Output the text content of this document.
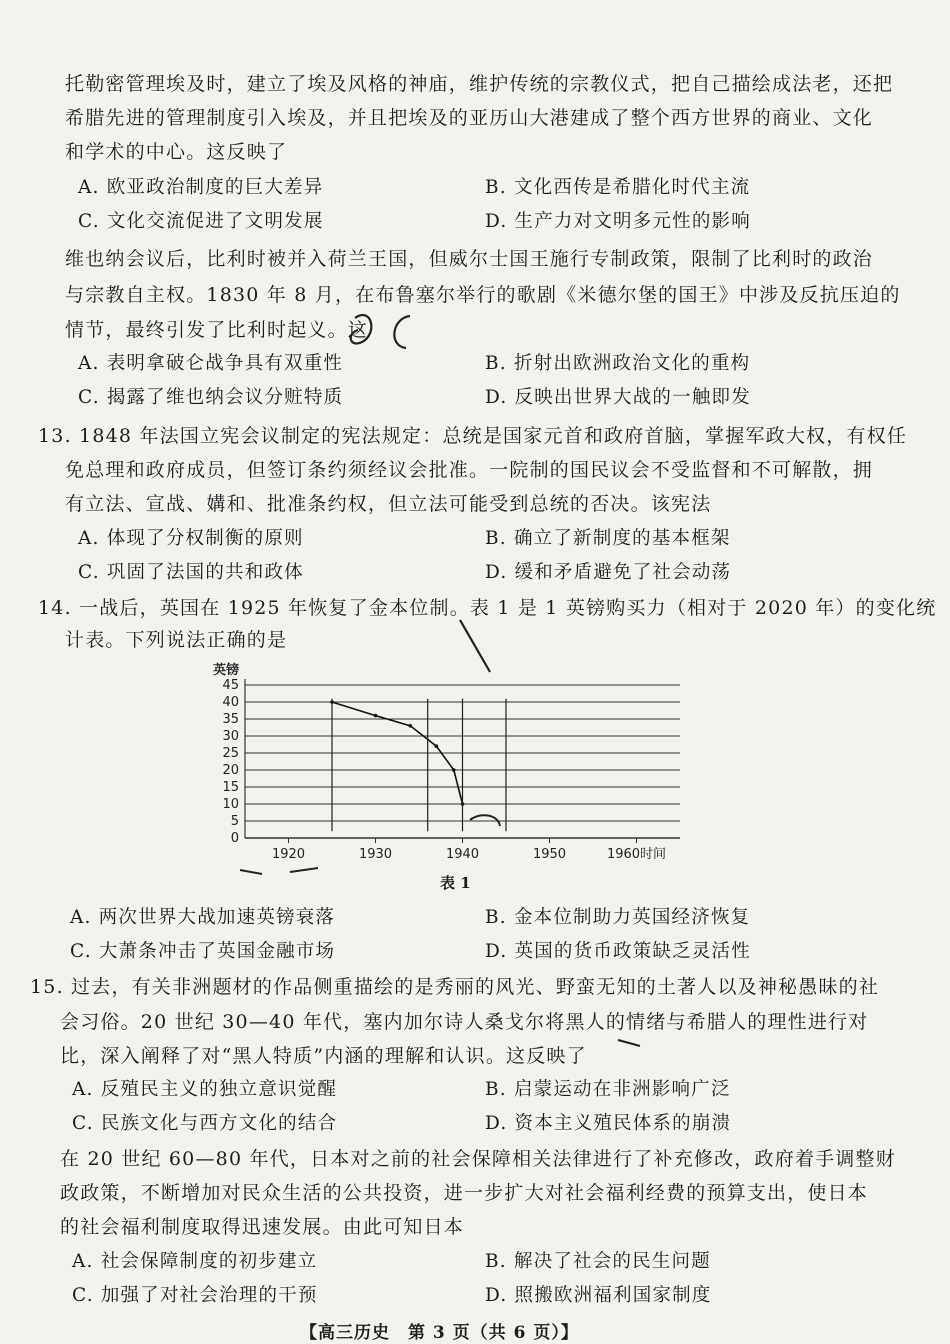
托勒密管理埃及时，建立了埃及风格的神庙，维护传统的宗教仪式，把自己描绘成法老，还把
希腊先进的管理制度引入埃及，并且把埃及的亚历山大港建成了整个西方世界的商业、文化
和学术的中心。这反映了
A. 欧亚政治制度的巨大差异	B. 文化西传是希腊化时代主流
C. 文化交流促进了文明发展	D. 生产力对文明多元性的影响
维也纳会议后，比利时被并入荷兰王国，但威尔士国王施行专制政策，限制了比利时的政治
与宗教自主权。1830 年 8 月，在布鲁塞尔举行的歌剧《米德尔堡的国王》中涉及反抗压迫的
情节，最终引发了比利时起义。这
A. 表明拿破仑战争具有双重性	B. 折射出欧洲政治文化的重构
C. 揭露了维也纳会议分赃特质	D. 反映出世界大战的一触即发
13. 1848 年法国立宪会议制定的宪法规定：总统是国家元首和政府首脑，掌握军政大权，有权任
免总理和政府成员，但签订条约须经议会批准。一院制的国民议会不受监督和不可解散，拥
有立法、宣战、媾和、批准条约权，但立法可能受到总统的否决。该宪法
A. 体现了分权制衡的原则	B. 确立了新制度的基本框架
C. 巩固了法国的共和政体	D. 缓和矛盾避免了社会动荡
14. 一战后，英国在 1925 年恢复了金本位制。表 1 是 1 英镑购买力（相对于 2020 年）的变化统
计表。下列说法正确的是
45
40
35
30
25
20
15
10
5
0
1920	1930	1940	1950	1960时间
英镑
表 1
A. 两次世界大战加速英镑衰落	B. 金本位制助力英国经济恢复
C. 大萧条冲击了英国金融市场	D. 英国的货币政策缺乏灵活性
15. 过去，有关非洲题材的作品侧重描绘的是秀丽的风光、野蛮无知的土著人以及神秘愚昧的社
会习俗。20 世纪 30—40 年代，塞内加尔诗人桑戈尔将黑人的情绪与希腊人的理性进行对
比，深入阐释了对“黑人特质”内涵的理解和认识。这反映了
A. 反殖民主义的独立意识觉醒	B. 启蒙运动在非洲影响广泛
C. 民族文化与西方文化的结合	D. 资本主义殖民体系的崩溃
在 20 世纪 60—80 年代，日本对之前的社会保障相关法律进行了补充修改，政府着手调整财
政政策，不断增加对民众生活的公共投资，进一步扩大对社会福利经费的预算支出，使日本
的社会福利制度取得迅速发展。由此可知日本
A. 社会保障制度的初步建立	B. 解决了社会的民生问题
C. 加强了对社会治理的干预	D. 照搬欧洲福利国家制度
【高三历史　第 3 页（共 6 页）】
